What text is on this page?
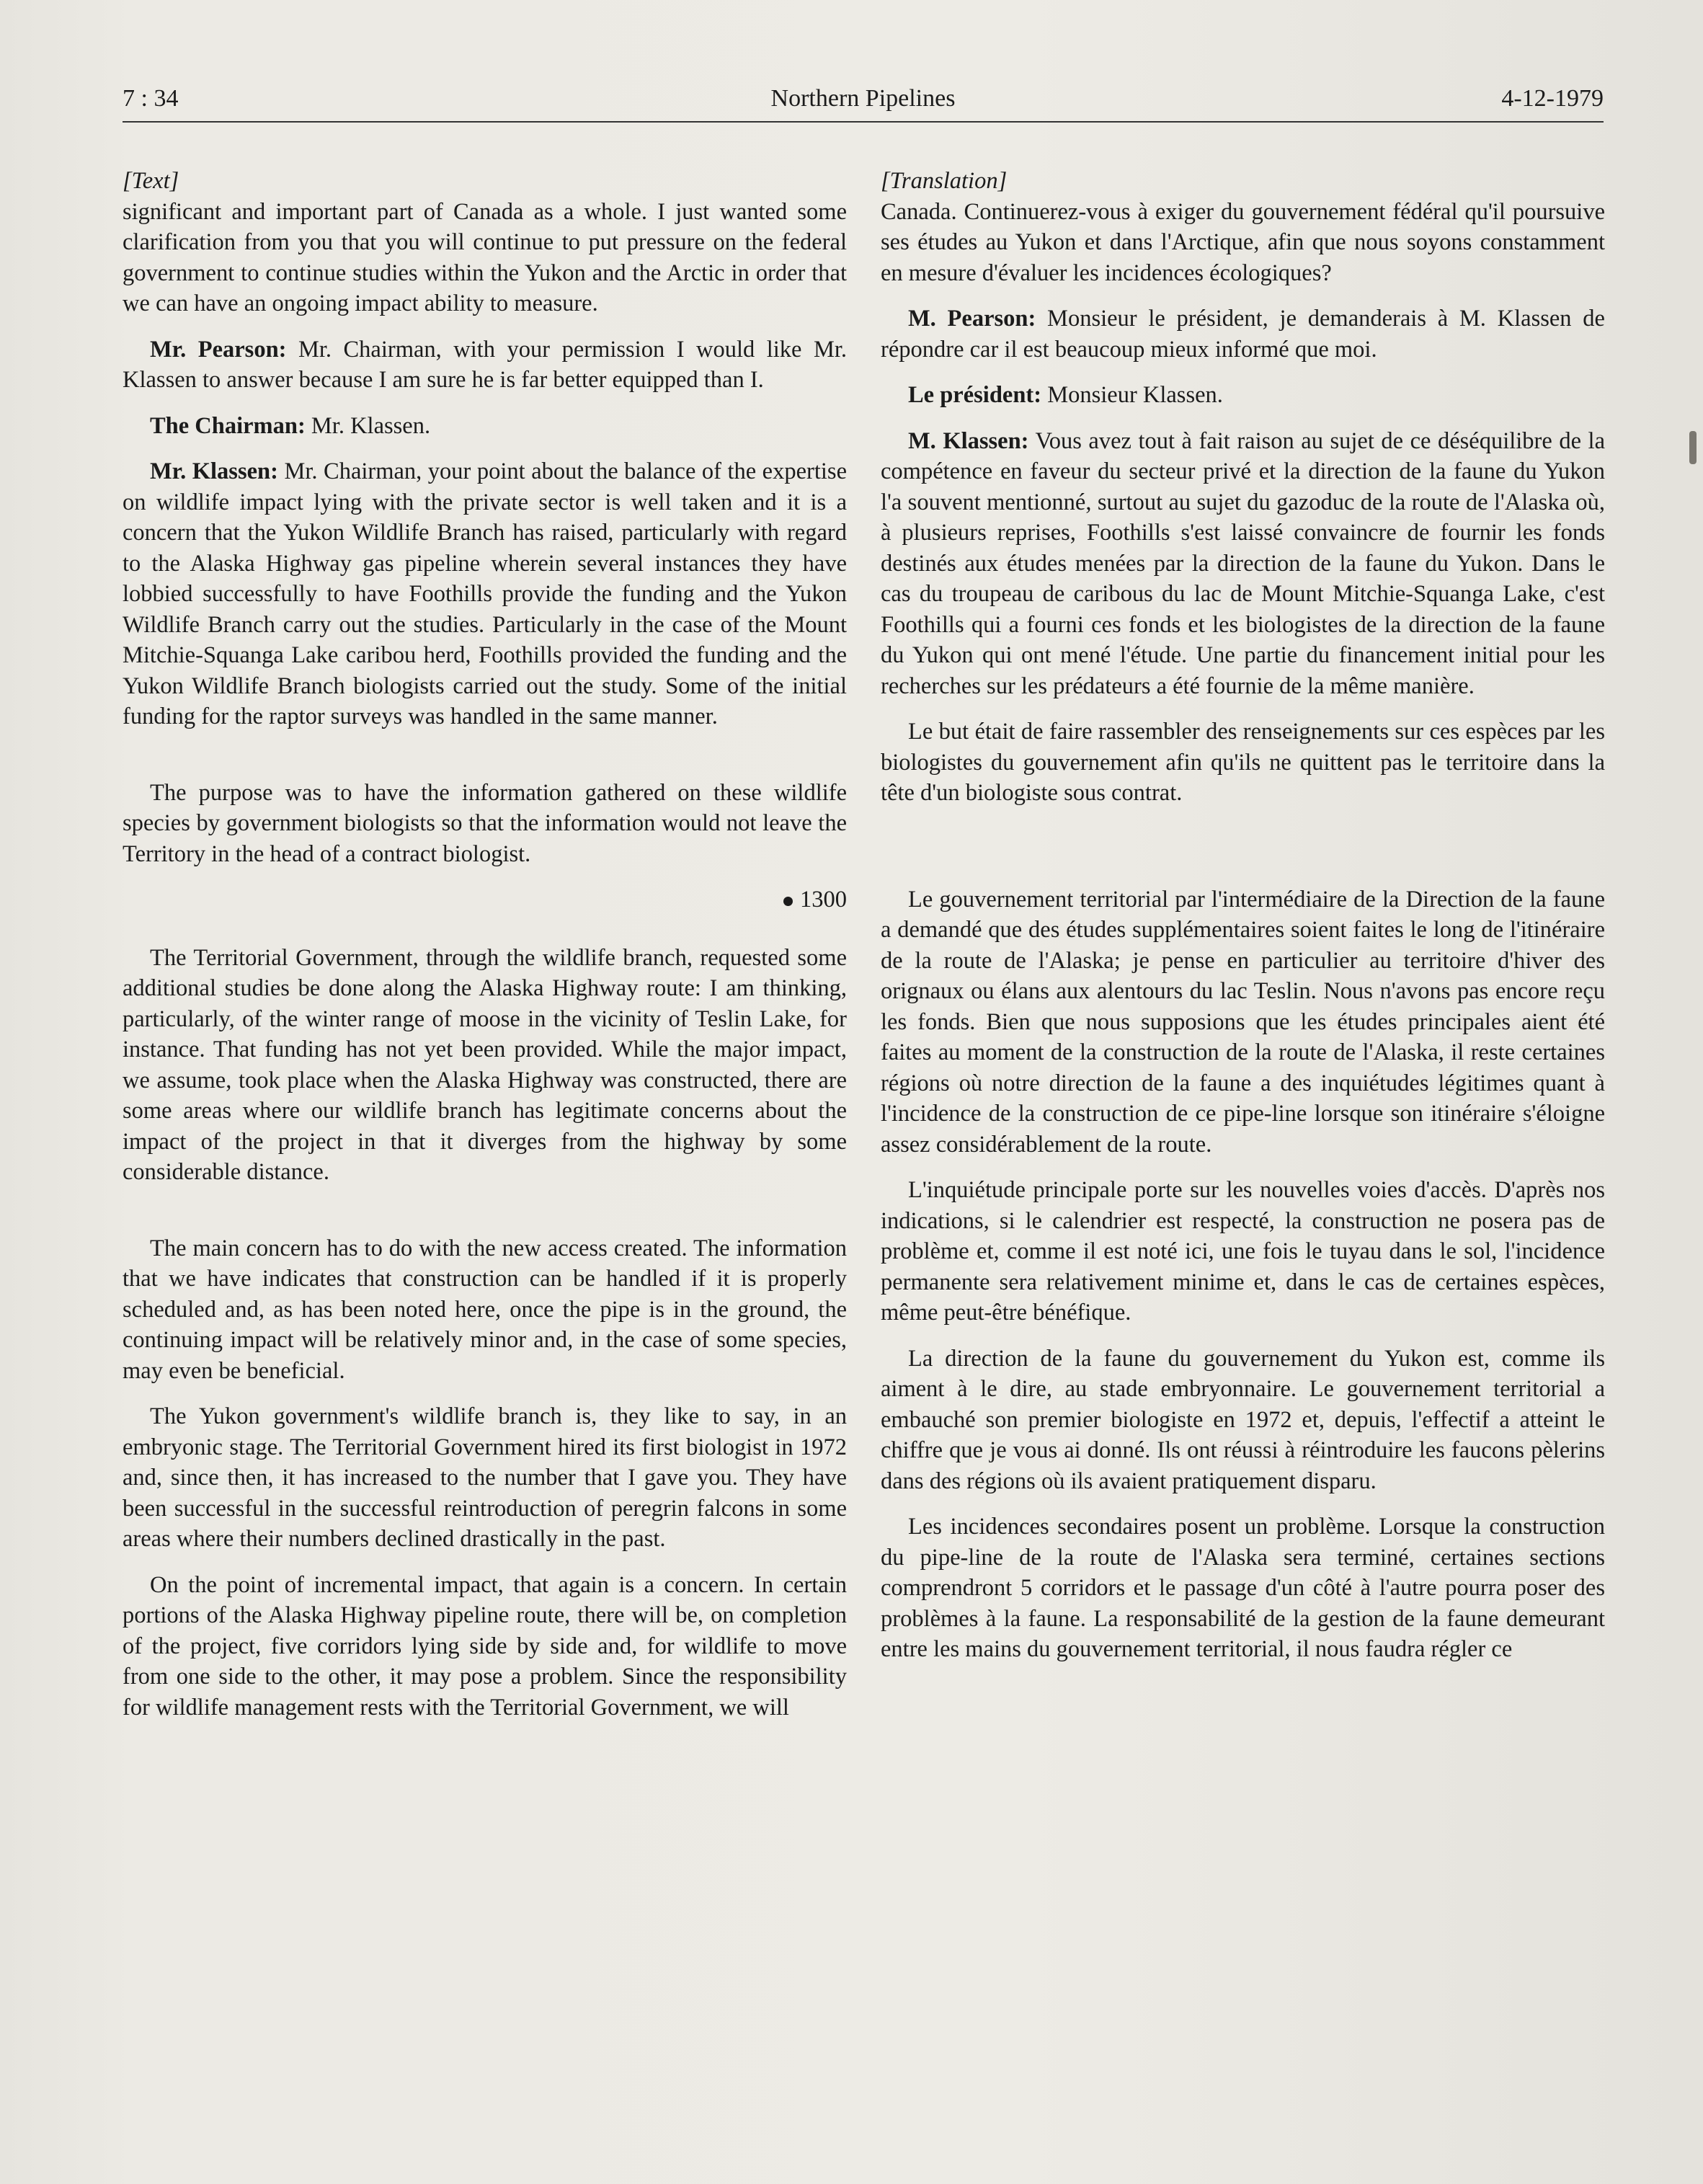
7 : 34	Northern Pipelines	4-12-1979

[Text]

significant and important part of Canada as a whole. I just wanted some clarification from you that you will continue to put pressure on the federal government to continue studies within the Yukon and the Arctic in order that we can have an ongoing impact ability to measure.

Mr. Pearson: Mr. Chairman, with your permission I would like Mr. Klassen to answer because I am sure he is far better equipped than I.

The Chairman: Mr. Klassen.

Mr. Klassen: Mr. Chairman, your point about the balance of the expertise on wildlife impact lying with the private sector is well taken and it is a concern that the Yukon Wildlife Branch has raised, particularly with regard to the Alaska Highway gas pipeline wherein several instances they have lobbied successfully to have Foothills provide the funding and the Yukon Wildlife Branch carry out the studies. Particularly in the case of the Mount Mitchie-Squanga Lake caribou herd, Foothills provided the funding and the Yukon Wildlife Branch biologists carried out the study. Some of the initial funding for the raptor surveys was handled in the same manner.

The purpose was to have the information gathered on these wildlife species by government biologists so that the information would not leave the Territory in the head of a contract biologist.

1300

The Territorial Government, through the wildlife branch, requested some additional studies be done along the Alaska Highway route: I am thinking, particularly, of the winter range of moose in the vicinity of Teslin Lake, for instance. That funding has not yet been provided. While the major impact, we assume, took place when the Alaska Highway was constructed, there are some areas where our wildlife branch has legitimate concerns about the impact of the project in that it diverges from the highway by some considerable distance.

The main concern has to do with the new access created. The information that we have indicates that construction can be handled if it is properly scheduled and, as has been noted here, once the pipe is in the ground, the continuing impact will be relatively minor and, in the case of some species, may even be beneficial.

The Yukon government's wildlife branch is, they like to say, in an embryonic stage. The Territorial Government hired its first biologist in 1972 and, since then, it has increased to the number that I gave you. They have been successful in the successful reintroduction of peregrin falcons in some areas where their numbers declined drastically in the past.

On the point of incremental impact, that again is a concern. In certain portions of the Alaska Highway pipeline route, there will be, on completion of the project, five corridors lying side by side and, for wildlife to move from one side to the other, it may pose a problem. Since the responsibility for wildlife management rests with the Territorial Government, we will

[Translation]

Canada. Continuerez-vous à exiger du gouvernement fédéral qu'il poursuive ses études au Yukon et dans l'Arctique, afin que nous soyons constamment en mesure d'évaluer les incidences écologiques?

M. Pearson: Monsieur le président, je demanderais à M. Klassen de répondre car il est beaucoup mieux informé que moi.

Le président: Monsieur Klassen.

M. Klassen: Vous avez tout à fait raison au sujet de ce déséquilibre de la compétence en faveur du secteur privé et la direction de la faune du Yukon l'a souvent mentionné, surtout au sujet du gazoduc de la route de l'Alaska où, à plusieurs reprises, Foothills s'est laissé convaincre de fournir les fonds destinés aux études menées par la direction de la faune du Yukon. Dans le cas du troupeau de caribous du lac de Mount Mitchie-Squanga Lake, c'est Foothills qui a fourni ces fonds et les biologistes de la direction de la faune du Yukon qui ont mené l'étude. Une partie du financement initial pour les recherches sur les prédateurs a été fournie de la même manière.

Le but était de faire rassembler des renseignements sur ces espèces par les biologistes du gouvernement afin qu'ils ne quittent pas le territoire dans la tête d'un biologiste sous contrat.

Le gouvernement territorial par l'intermédiaire de la Direction de la faune a demandé que des études supplémentaires soient faites le long de l'itinéraire de la route de l'Alaska; je pense en particulier au territoire d'hiver des orignaux ou élans aux alentours du lac Teslin. Nous n'avons pas encore reçu les fonds. Bien que nous supposions que les études principales aient été faites au moment de la construction de la route de l'Alaska, il reste certaines régions où notre direction de la faune a des inquiétudes légitimes quant à l'incidence de la construction de ce pipe-line lorsque son itinéraire s'éloigne assez considérablement de la route.

L'inquiétude principale porte sur les nouvelles voies d'accès. D'après nos indications, si le calendrier est respecté, la construction ne posera pas de problème et, comme il est noté ici, une fois le tuyau dans le sol, l'incidence permanente sera relativement minime et, dans le cas de certaines espèces, même peut-être bénéfique.

La direction de la faune du gouvernement du Yukon est, comme ils aiment à le dire, au stade embryonnaire. Le gouvernement territorial a embauché son premier biologiste en 1972 et, depuis, l'effectif a atteint le chiffre que je vous ai donné. Ils ont réussi à réintroduire les faucons pèlerins dans des régions où ils avaient pratiquement disparu.

Les incidences secondaires posent un problème. Lorsque la construction du pipe-line de la route de l'Alaska sera terminé, certaines sections comprendront 5 corridors et le passage d'un côté à l'autre pourra poser des problèmes à la faune. La responsabilité de la gestion de la faune demeurant entre les mains du gouvernement territorial, il nous faudra régler ce
